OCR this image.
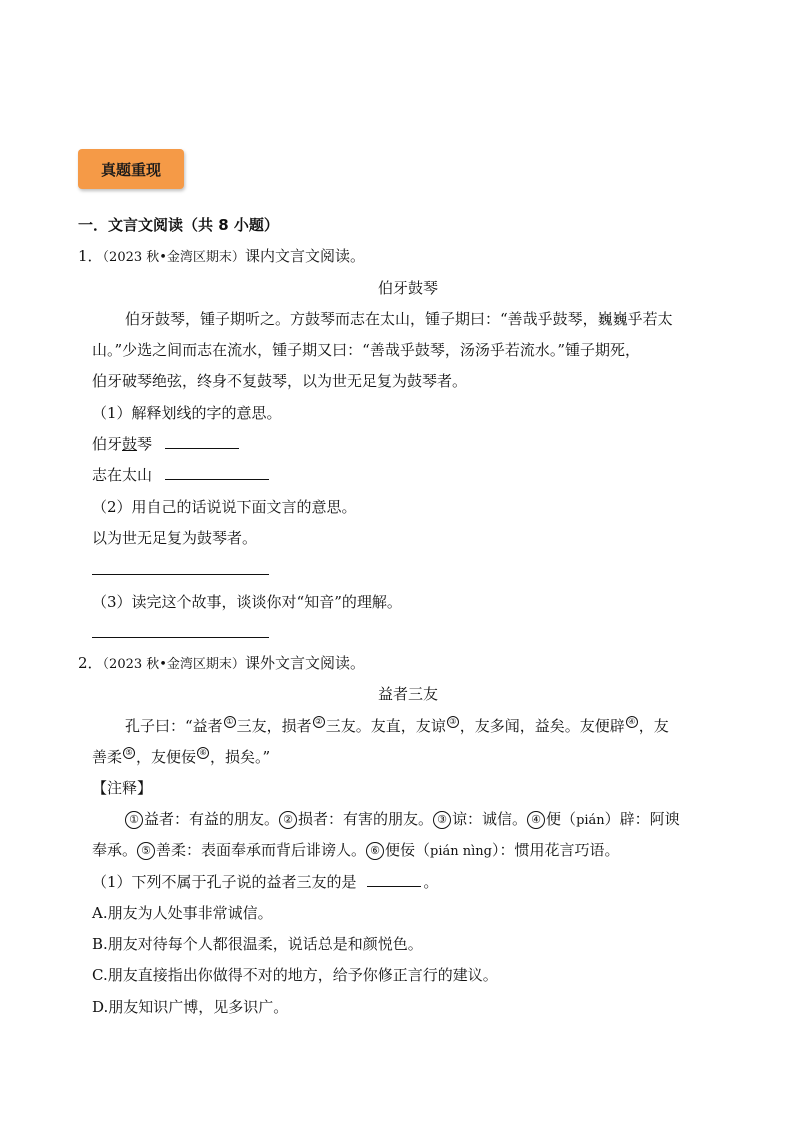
真题重现
一．文言文阅读（共 8 小题）
1．（2023 秋•金湾区期末）课内文言文阅读。
伯牙鼓琴
伯牙鼓琴，锺子期听之。方鼓琴而志在太山，锺子期曰：“善哉乎鼓琴，巍巍乎若太
山。”少选之间而志在流水，锺子期又曰：“善哉乎鼓琴，汤汤乎若流水。”锺子期死，
伯牙破琴绝弦，终身不复鼓琴，以为世无足复为鼓琴者。
（1）解释划线的字的意思。
伯牙鼓琴
志在太山
（2）用自己的话说说下面文言的意思。
以为世无足复为鼓琴者。
（3）读完这个故事，谈谈你对“知音”的理解。
2．（2023 秋•金湾区期末）课外文言文阅读。
益者三友
孔子曰：“益者 ① 三友，损者 ② 三友。友直，友谅 ③ ，友多闻，益矣。友便辟 ④ ，友
善柔 ⑤ ，友便佞 ⑥ ，损矣。”
【注释】
① 益者：有益的朋友。 ② 损者：有害的朋友。 ③ 谅：诚信。 ④ 便（pián）辟：阿谀
奉承。 ⑤ 善柔：表面奉承而背后诽谤人。 ⑥ 便佞（pián nìng）：惯用花言巧语。
（1）下列不属于孔子说的益者三友的是	。
A.朋友为人处事非常诚信。
B.朋友对待每个人都很温柔，说话总是和颜悦色。
C.朋友直接指出你做得不对的地方，给予你修正言行的建议。
D.朋友知识广博，见多识广。
